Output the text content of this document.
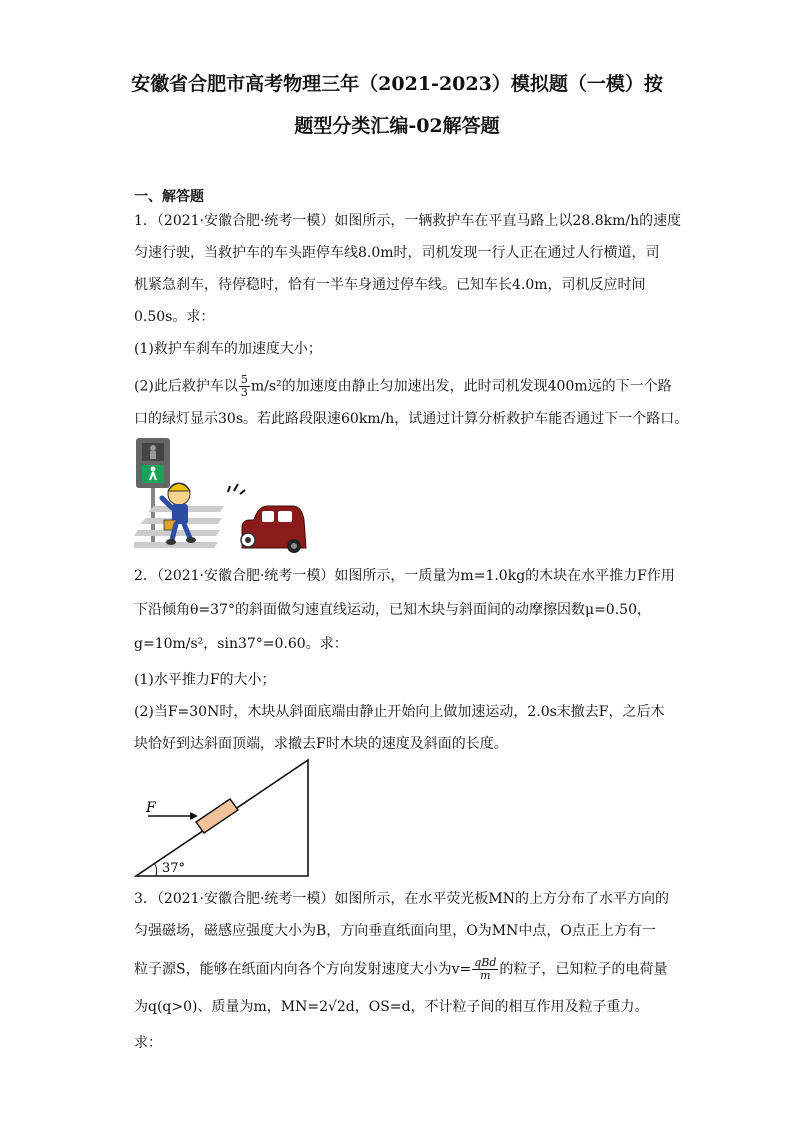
安徽省合肥市高考物理三年（2021-2023）模拟题（一模）按
题型分类汇编-02解答题
一、解答题
1．（2021·安徽合肥·统考一模）如图所示，一辆救护车在平直马路上以28.8km/h的速度
匀速行驶，当救护车的车头距停车线8.0m时，司机发现一行人正在通过人行横道，司
机紧急刹车，待停稳时，恰有一半车身通过停车线。已知车长4.0m，司机反应时间
0.50s。求：
(1)救护车刹车的加速度大小；
(2)此后救护车以 $\frac{5}{3} m/s^2$的加速度由静止匀加速出发，此时司机发现400m远的下一个路
口的绿灯显示30s。若此路段限速60km/h，试通过计算分析救护车能否通过下一个路口。
2．（2021·安徽合肥·统考一模）如图所示，一质量为m=1.0kg的木块在水平推力F作用
下沿倾角θ=37°的斜面做匀速直线运动，已知木块与斜面间的动摩擦因数μ=0.50，
g=10m/s²，sin37°=0.60。求：
(1)水平推力F的大小；
(2)当F=30N时，木块从斜面底端由静止开始向上做加速运动，2.0s末撤去F，之后木
块恰好到达斜面顶端，求撤去F时木块的速度及斜面的长度。
F
37°
3．（2021·安徽合肥·统考一模）如图所示，在水平荧光板MN的上方分布了水平方向的
匀强磁场，磁感应强度大小为B，方向垂直纸面向里，O为MN中点，O点正上方有一
粒子源S，能够在纸面内向各个方向发射速度大小为$v= \frac{\text{qBd}}{m}$ 的粒子，已知粒子的电荷量
为q(q>0)、质量为m，MN=2√2d，OS=d，不计粒子间的相互作用及粒子重力。
求：
